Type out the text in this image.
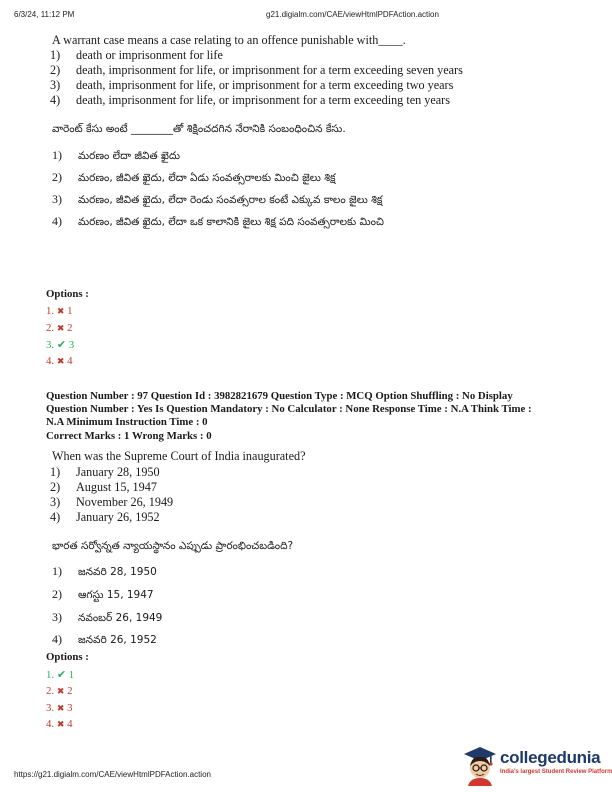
6/3/24, 11:12 PM	g21.digialm.com/CAE/viewHtmlPDFAction.action
A warrant case means a case relating to an offence punishable with____.
1) death or imprisonment for life
2) death, imprisonment for life, or imprisonment for a term exceeding seven years
3) death, imprisonment for life, or imprisonment for a term exceeding two years
4) death, imprisonment for life, or imprisonment for a term exceeding ten years
వారెంట్ కేసు అంటే ________తో శిక్షించదగిన నేరానికి సంబంధించిన కేసు.
1) మరణం లేదా జీవిత ఖైదు
2) మరణం, జీవిత ఖైదు, లేదా ఏడు సంవత్సరాలకు మించి జైలు శిక్ష
3) మరణం, జీవిత ఖైదు, లేదా రెండు సంవత్సరాల కంటే ఎక్కువ కాలం జైలు శిక్ష
4) మరణం, జీవిత ఖైదు, లేదా ఒక కాలానికి జైలు శిక్ష పది సంవత్సరాలకు మించి
Options :
1. ✖ 1
2. ✖ 2
3. ✔ 3
4. ✖ 4
Question Number : 97 Question Id : 3982821679 Question Type : MCQ Option Shuffling : No Display
Question Number : Yes Is Question Mandatory : No Calculator : None Response Time : N.A Think Time :
N.A Minimum Instruction Time : 0
Correct Marks : 1 Wrong Marks : 0
When was the Supreme Court of India inaugurated?
1) January 28, 1950
2) August 15, 1947
3) November 26, 1949
4) January 26, 1952
భారత సర్వోన్నత న్యాయస్థానం ఎప్పుడు ప్రారంభించబడింది?
1) జనవరి 28, 1950
2) ఆగస్టు 15, 1947
3) నవంబర్ 26, 1949
4) జనవరి 26, 1952
Options :
1. ✔ 1
2. ✖ 2
3. ✖ 3
4. ✖ 4
https://g21.digialm.com/CAE/viewHtmlPDFAction.action
collegedunia
India's largest Student Review Platform
